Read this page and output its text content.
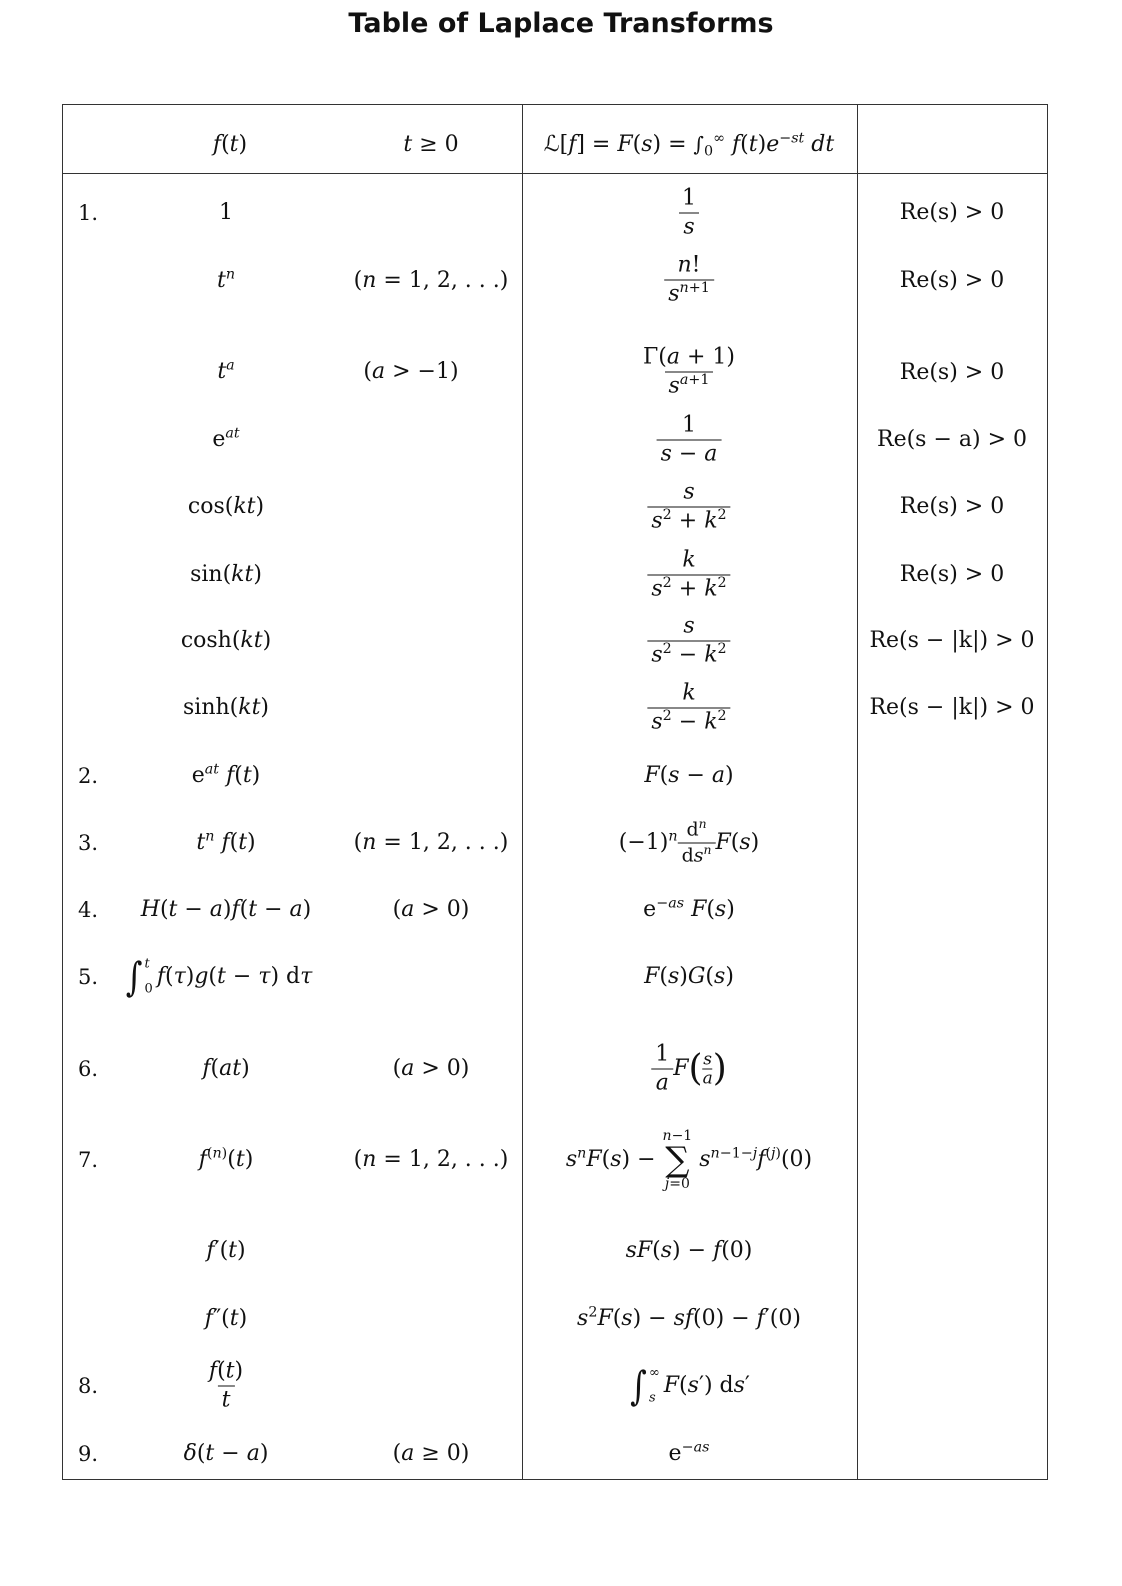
Table of Laplace Transforms
f(t)	t ≥ 0	ℒ[f] = $F(s) = \int_0^\infty$ $f(t)e^{-st}$ dt
1.
2.
3.
4.
5.
6.
7.
8.
9.
1
$t^n$
$t^a$
$e^{at}$
cos(kt)
sin(kt)
cosh(kt)
sinh(kt)
$e^{at}$ f(t)
$t^n$ f(t)
H(t − a)f(t − a)
∫ t
0 f(τ)g(t − τ) dτ
f(at)
$f^{(n)}(t)$
f′(t)
f″(t)
$\frac{f(t)}{t}$
δ(t − a)
(n = 1, 2, . . .)
(a > −1)
(n = 1, 2, . . .)
(a > 0)
(a > 0)
(n = 1, 2, . . .)
(a ≥ 0)
$\frac{1}{s}$
$\frac{n!}{s^{n+1}}$
$\frac{\Gamma(a + 1)}{s^{a+1}}$
$\frac{1}{s - a}$
$\frac{s}{s^2 + k^2}$
$\frac{k}{s^2 + k^2}$
$\frac{s}{s^2 - k^2}$
$\frac{k}{s^2 - k^2}$
F(s − a)
$(-1)^n \frac{d^n}{ds^n} F(s)$
$e^{-as}$ F(s)
F(s)G(s)
$\frac{1}{a} F( \frac{s}{a}$ )
$s^nF(s)$ −
n−1
∑
j=0
$s^{n-1-j}f^{(j)}(0)$
sF(s) − f(0)
$s^2F(s) - sf(0) - f'(0)$
∫ ∞
s F(s′) ds′
$e^{-as}$
Re(s) > 0
Re(s) > 0
Re(s) > 0
Re(s − a) > 0
Re(s) > 0
Re(s) > 0
Re(s − |k|) > 0
Re(s − |k|) > 0
